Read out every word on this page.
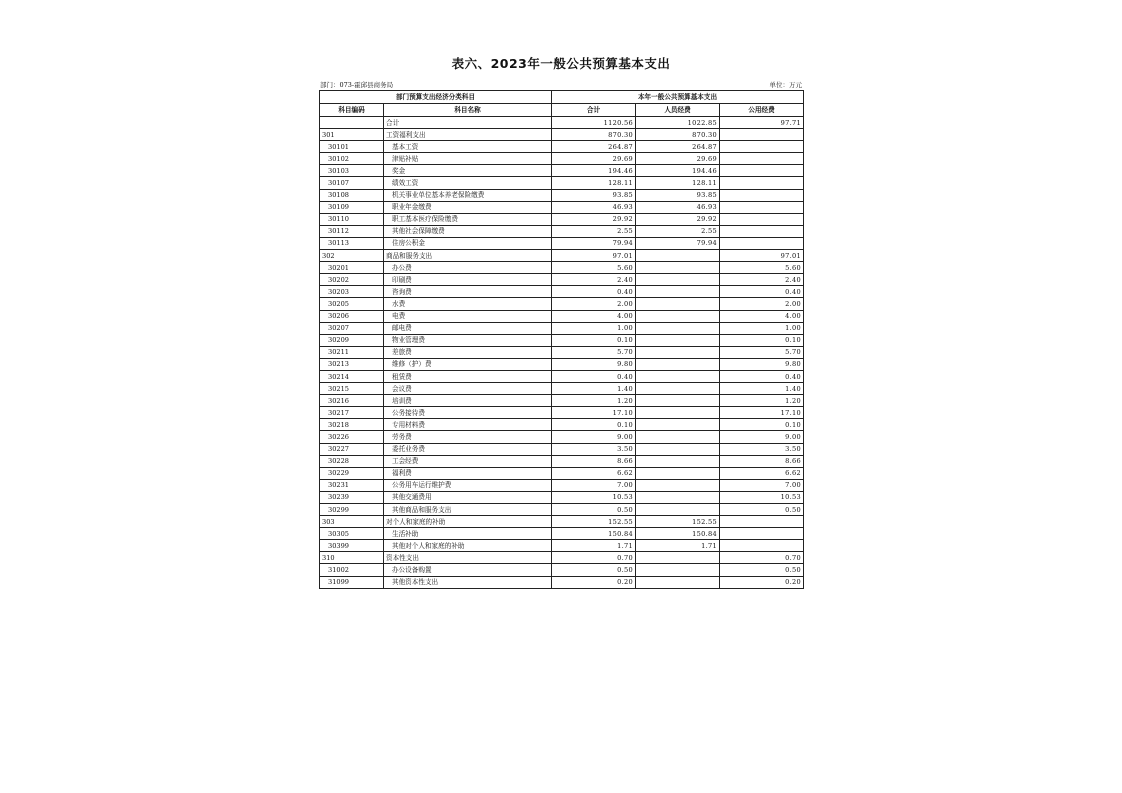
表六、2023年一般公共预算基本支出
部门：073-霍邱县商务局	单位：万元
部门预算支出经济分类科目		本年一般公共预算基本支出		
科目编码	科目名称	合计	人员经费	公用经费
	合计	1120.56	1022.85	97.71
301	工资福利支出	870.30	870.30	
30101	基本工资	264.87	264.87	
30102	津贴补贴	29.69	29.69	
30103	奖金	194.46	194.46	
30107	绩效工资	128.11	128.11	
30108	机关事业单位基本养老保险缴费	93.85	93.85	
30109	职业年金缴费	46.93	46.93	
30110	职工基本医疗保险缴费	29.92	29.92	
30112	其他社会保障缴费	2.55	2.55	
30113	住房公积金	79.94	79.94	
302	商品和服务支出	97.01		97.01
30201	办公费	5.60		5.60
30202	印刷费	2.40		2.40
30203	咨询费	0.40		0.40
30205	水费	2.00		2.00
30206	电费	4.00		4.00
30207	邮电费	1.00		1.00
30209	物业管理费	0.10		0.10
30211	差旅费	5.70		5.70
30213	维修（护）费	9.80		9.80
30214	租赁费	0.40		0.40
30215	会议费	1.40		1.40
30216	培训费	1.20		1.20
30217	公务接待费	17.10		17.10
30218	专用材料费	0.10		0.10
30226	劳务费	9.00		9.00
30227	委托业务费	3.50		3.50
30228	工会经费	8.66		8.66
30229	福利费	6.62		6.62
30231	公务用车运行维护费	7.00		7.00
30239	其他交通费用	10.53		10.53
30299	其他商品和服务支出	0.50		0.50
303	对个人和家庭的补助	152.55	152.55	
30305	生活补助	150.84	150.84	
30399	其他对个人和家庭的补助	1.71	1.71	
310	资本性支出	0.70		0.70
31002	办公设备购置	0.50		0.50
31099	其他资本性支出	0.20		0.20
